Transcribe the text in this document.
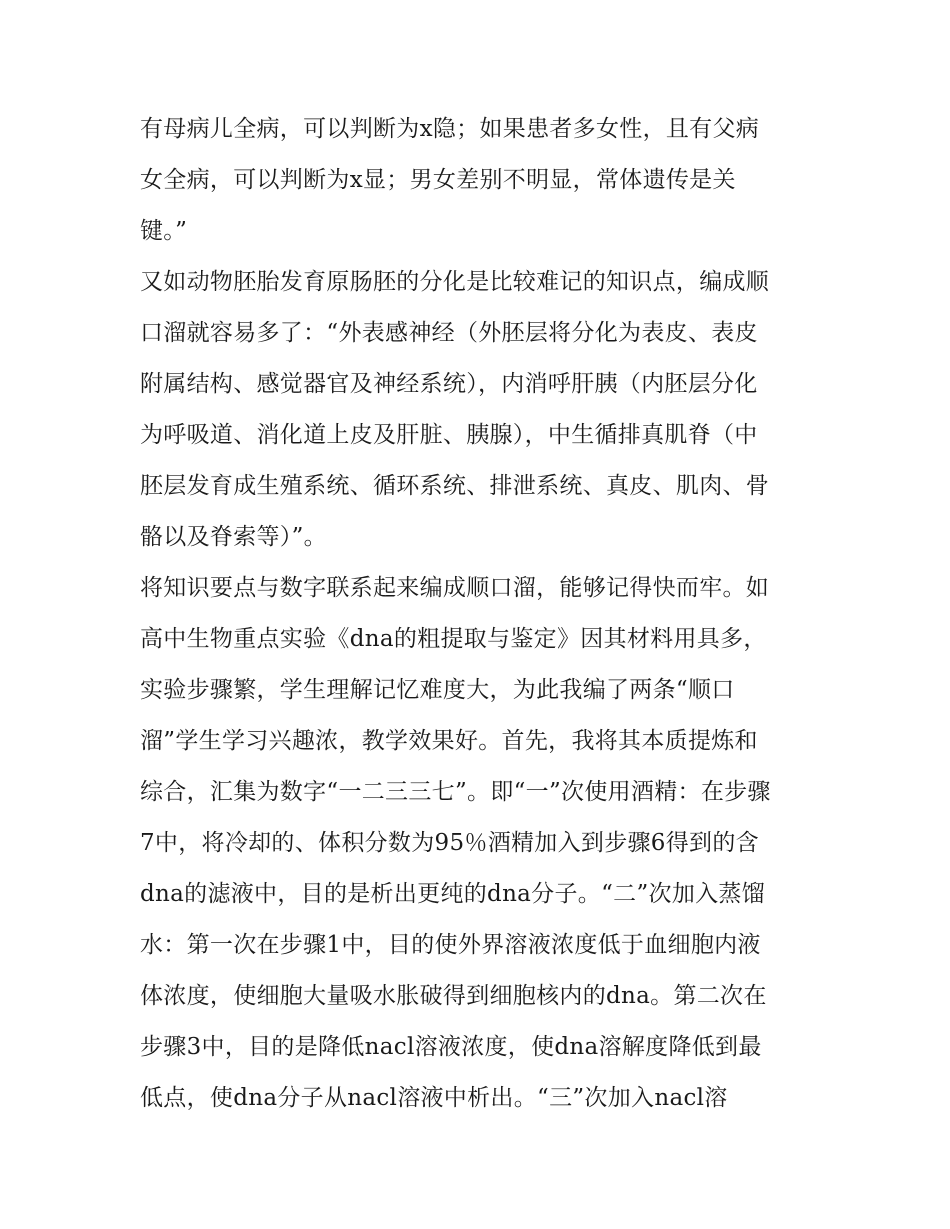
有母病儿全病，可以判断为x隐；如果患者多女性，且有父病
女全病，可以判断为x显；男女差别不明显，常体遗传是关
键。”
又如动物胚胎发育原肠胚的分化是比较难记的知识点，编成顺
口溜就容易多了：“外表感神经（外胚层将分化为表皮、表皮
附属结构、感觉器官及神经系统），内消呼肝胰（内胚层分化
为呼吸道、消化道上皮及肝脏、胰腺），中生循排真肌脊（中
胚层发育成生殖系统、循环系统、排泄系统、真皮、肌肉、骨
骼以及脊索等）”。
将知识要点与数字联系起来编成顺口溜，能够记得快而牢。如
高中生物重点实验《dna的粗提取与鉴定》因其材料用具多，
实验步骤繁，学生理解记忆难度大，为此我编了两条“顺口
溜”学生学习兴趣浓，教学效果好。首先，我将其本质提炼和
综合，汇集为数字“一二三三七”。即“一”次使用酒精：在步骤
7中，将冷却的、体积分数为95％酒精加入到步骤6得到的含
dna的滤液中，目的是析出更纯的dna分子。“二”次加入蒸馏
水：第一次在步骤1中，目的使外界溶液浓度低于血细胞内液
体浓度，使细胞大量吸水胀破得到细胞核内的dna。第二次在
步骤3中，目的是降低nacl溶液浓度，使dna溶解度降低到最
低点，使dna分子从nacl溶液中析出。“三”次加入nacl溶
